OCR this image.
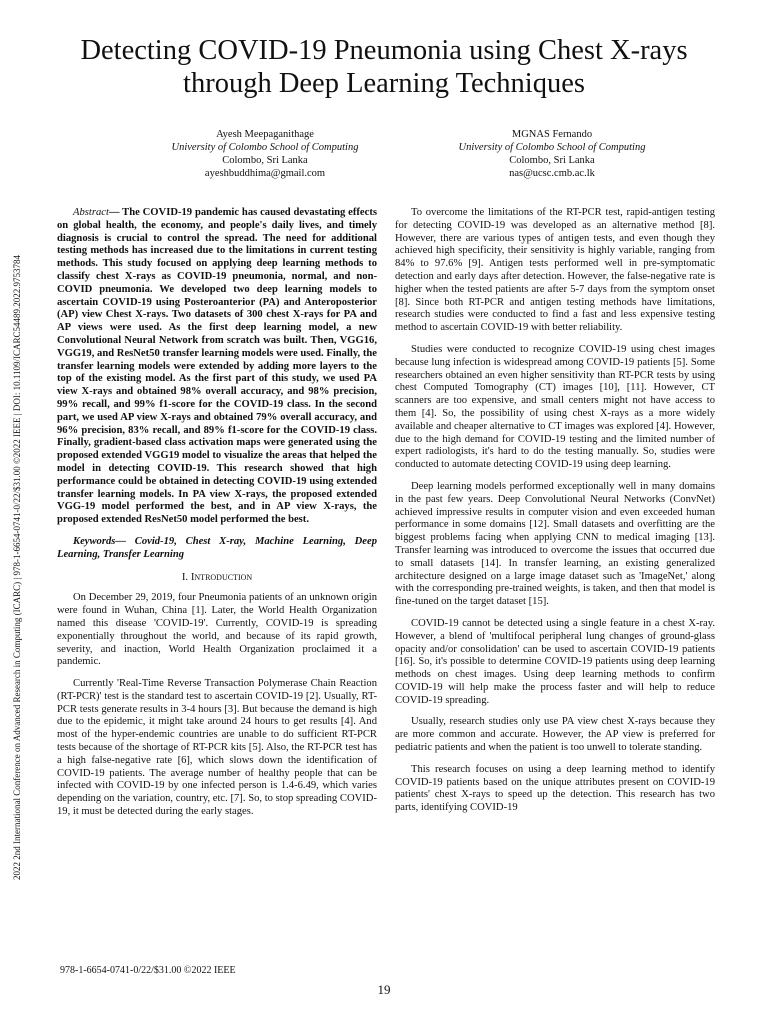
2022 2nd International Conference on Advanced Research in Computing (ICARC) | 978-1-6654-0741-0/22/$31.00 ©2022 IEEE | DOI: 10.1109/ICARC54489.2022.9753784
Detecting COVID-19 Pneumonia using Chest X-rays through Deep Learning Techniques
Ayesh Meepaganithage
University of Colombo School of Computing
Colombo, Sri Lanka
ayeshbuddhima@gmail.com
MGNAS Fernando
University of Colombo School of Computing
Colombo, Sri Lanka
nas@ucsc.cmb.ac.lk

Abstract— The COVID-19 pandemic has caused devastating effects on global health, the economy, and people's daily lives, and timely diagnosis is crucial to control the spread. The need for additional testing methods has increased due to the limitations in current testing methods. This study focused on applying deep learning methods to classify chest X-rays as COVID-19 pneumonia, normal, and non-COVID pneumonia. We developed two deep learning models to ascertain COVID-19 using Posteroanterior (PA) and Anteroposterior (AP) view Chest X-rays. Two datasets of 300 chest X-rays for PA and AP views were used. As the first deep learning model, a new Convolutional Neural Network from scratch was built. Then, VGG16, VGG19, and ResNet50 transfer learning models were used. Finally, the transfer learning models were extended by adding more layers to the top of the existing model. As the first part of this study, we used PA view X-rays and obtained 98% overall accuracy, and 98% precision, 99% recall, and 99% f1-score for the COVID-19 class. In the second part, we used AP view X-rays and obtained 79% overall accuracy, and 96% precision, 83% recall, and 89% f1-score for the COVID-19 class. Finally, gradient-based class activation maps were generated using the proposed extended VGG19 model to visualize the areas that helped the model in detecting COVID-19. This research showed that high performance could be obtained in detecting COVID-19 using extended transfer learning models. In PA view X-rays, the proposed extended VGG-19 model performed the best, and in AP view X-rays, the proposed extended ResNet50 model performed the best.

Keywords— Covid-19, Chest X-ray, Machine Learning, Deep Learning, Transfer Learning

I. Introduction

On December 29, 2019, four Pneumonia patients of an unknown origin were found in Wuhan, China [1]. Later, the World Health Organization named this disease 'COVID-19'. Currently, COVID-19 is spreading exponentially throughout the world, and because of its rapid growth, severity, and inaction, World Health Organization proclaimed it a pandemic.

Currently 'Real-Time Reverse Transaction Polymerase Chain Reaction (RT-PCR)' test is the standard test to ascertain COVID-19 [2]. Usually, RT-PCR tests generate results in 3-4 hours [3]. But because the demand is high due to the epidemic, it might take around 24 hours to get results [4]. And most of the hyper-endemic countries are unable to do sufficient RT-PCR tests because of the shortage of RT-PCR kits [5]. Also, the RT-PCR test has a high false-negative rate [6], which slows down the identification of COVID-19 patients. The average number of healthy people that can be infected with COVID-19 by one infected person is 1.4-6.49, which varies depending on the variation, country, etc. [7]. So, to stop spreading COVID-19, it must be detected during the early stages.

To overcome the limitations of the RT-PCR test, rapid-antigen testing for detecting COVID-19 was developed as an alternative method [8]. However, there are various types of antigen tests, and even though they achieved high specificity, their sensitivity is highly variable, ranging from 84% to 97.6% [9]. Antigen tests performed well in pre-symptomatic detection and early days after detection. However, the false-negative rate is higher when the tested patients are after 5-7 days from the symptom onset [8]. Since both RT-PCR and antigen testing methods have limitations, research studies were conducted to find a fast and less expensive testing method to ascertain COVID-19 with better reliability.

Studies were conducted to recognize COVID-19 using chest images because lung infection is widespread among COVID-19 patients [5]. Some researchers obtained an even higher sensitivity than RT-PCR tests by using chest Computed Tomography (CT) images [10], [11]. However, CT scanners are too expensive, and small centers might not have access to them [4]. So, the possibility of using chest X-rays as a more widely available and cheaper alternative to CT images was explored [4]. However, due to the high demand for COVID-19 testing and the limited number of expert radiologists, it's hard to do the testing manually. So, studies were conducted to automate detecting COVID-19 using deep learning.

Deep learning models performed exceptionally well in many domains in the past few years. Deep Convolutional Neural Networks (ConvNet) achieved impressive results in computer vision and even exceeded human performance in some domains [12]. Small datasets and overfitting are the biggest problems facing when applying CNN to medical imaging [13]. Transfer learning was introduced to overcome the issues that occurred due to small datasets [14]. In transfer learning, an existing generalized architecture designed on a large image dataset such as 'ImageNet,' along with the corresponding pre-trained weights, is taken, and then that model is fine-tuned on the target dataset [15].

COVID-19 cannot be detected using a single feature in a chest X-ray. However, a blend of 'multifocal peripheral lung changes of ground-glass opacity and/or consolidation' can be used to ascertain COVID-19 patients [16]. So, it's possible to determine COVID-19 patients using deep learning methods on chest images. Using deep learning methods to confirm COVID-19 will help make the process faster and will help to reduce COVID-19 spreading.

Usually, research studies only use PA view chest X-rays because they are more common and accurate. However, the AP view is preferred for pediatric patients and when the patient is too unwell to tolerate standing.

This research focuses on using a deep learning method to identify COVID-19 patients based on the unique attributes present on COVID-19 patients' chest X-rays to speed up the detection. This research has two parts, identifying COVID-19

978-1-6654-0741-0/22/$31.00 ©2022 IEEE
19
